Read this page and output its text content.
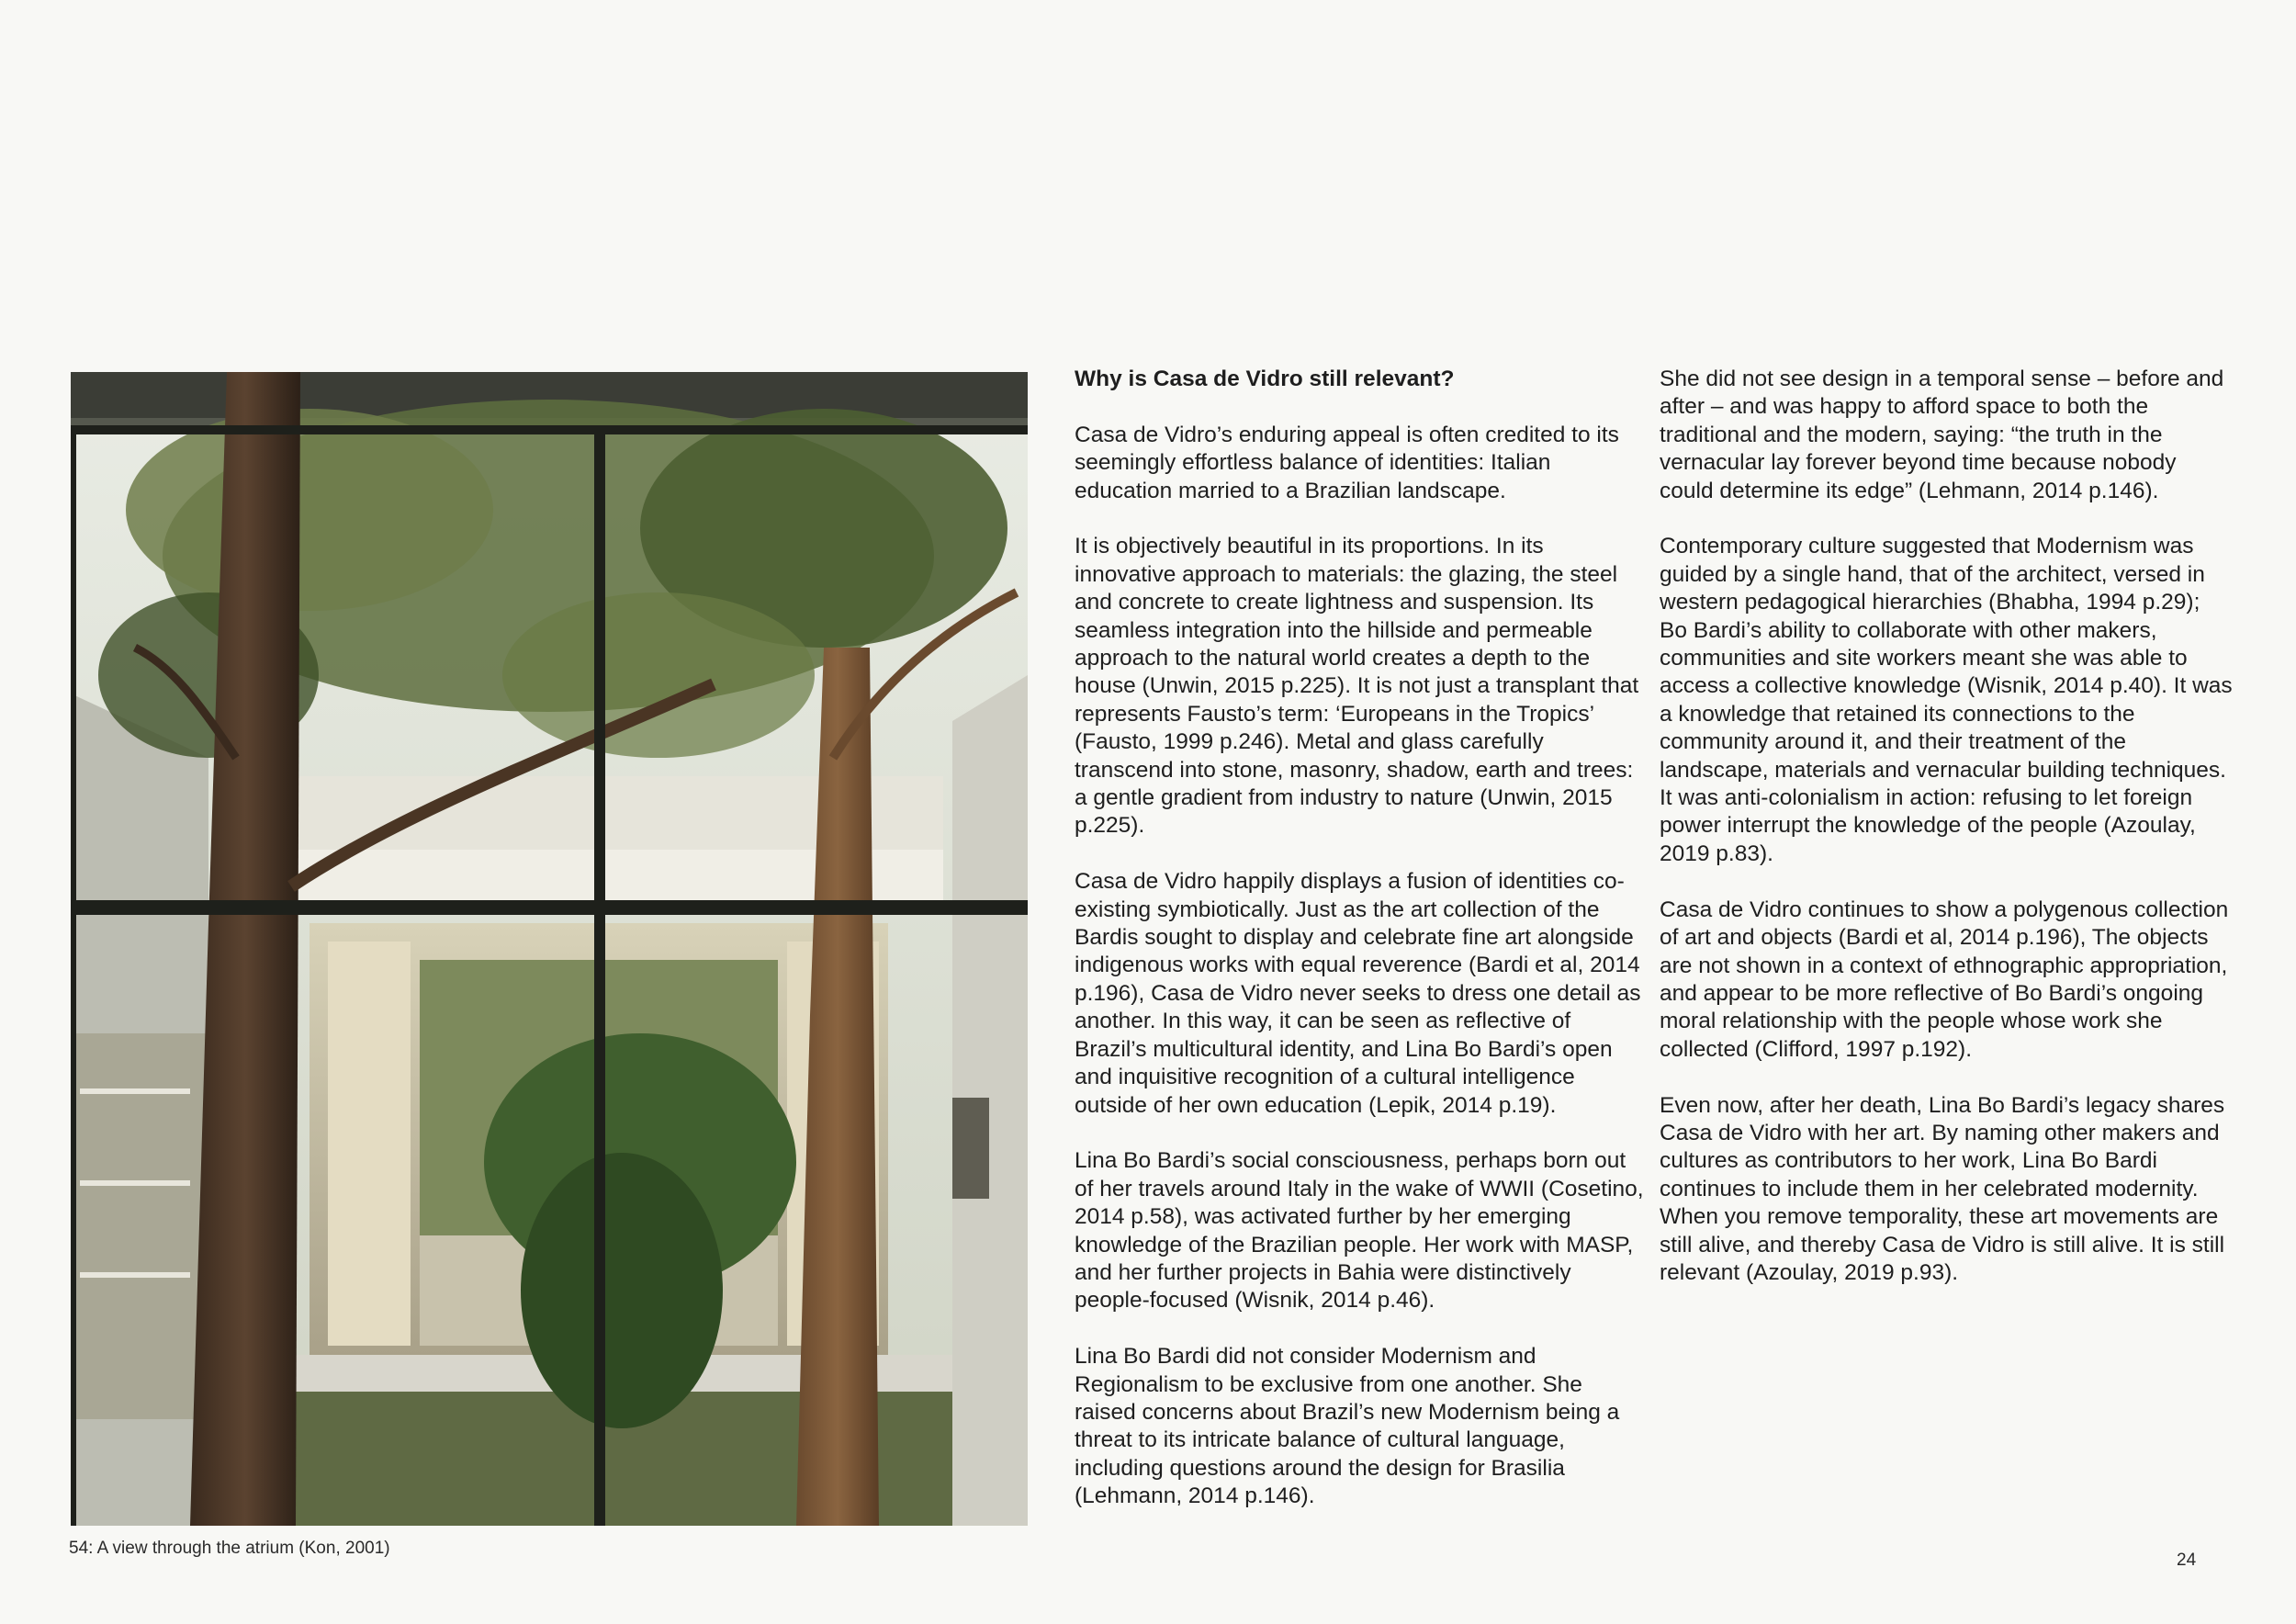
54: A view through the atrium (Kon, 2001)

Why is Casa de Vidro still relevant?

Casa de Vidro’s enduring appeal is often credited to its seemingly effortless balance of identities: Italian education married to a Brazilian landscape.

It is objectively beautiful in its proportions. In its innovative approach to materials: the glazing, the steel and concrete to create lightness and suspension. Its seamless integration into the hillside and permeable approach to the natural world creates a depth to the house (Unwin, 2015 p.225). It is not just a transplant that represents Fausto’s term: ‘Europeans in the Tropics’ (Fausto, 1999 p.246). Metal and glass carefully transcend into stone, masonry, shadow, earth and trees: a gentle gradient from industry to nature (Unwin, 2015 p.225).

Casa de Vidro happily displays a fusion of identities co-existing symbiotically. Just as the art collection of the Bardis sought to display and celebrate fine art alongside indigenous works with equal reverence (Bardi et al, 2014 p.196), Casa de Vidro never seeks to dress one detail as another. In this way, it can be seen as reflective of Brazil’s multicultural identity, and Lina Bo Bardi’s open and inquisitive recognition of a cultural intelligence outside of her own education (Lepik, 2014 p.19).

Lina Bo Bardi’s social consciousness, perhaps born out of her travels around Italy in the wake of WWII (Cosetino, 2014 p.58), was activated further by her emerging knowledge of the Brazilian people. Her work with MASP, and her further projects in Bahia were distinctively people-focused (Wisnik, 2014 p.46).

Lina Bo Bardi did not consider Modernism and Regionalism to be exclusive from one another. She raised concerns about Brazil’s new Modernism being a threat to its intricate balance of cultural language, including questions around the design for Brasilia (Lehmann, 2014 p.146).

She did not see design in a temporal sense – before and after – and was happy to afford space to both the traditional and the modern, saying: “the truth in the vernacular lay forever beyond time because nobody could determine its edge” (Lehmann, 2014 p.146).

Contemporary culture suggested that Modernism was guided by a single hand, that of the architect, versed in western pedagogical hierarchies (Bhabha, 1994 p.29); Bo Bardi’s ability to collaborate with other makers, communities and site workers meant she was able to access a collective knowledge (Wisnik, 2014 p.40). It was a knowledge that retained its connections to the community around it, and their treatment of the landscape, materials and vernacular building techniques. It was anti-colonialism in action: refusing to let foreign power interrupt the knowledge of the people (Azoulay, 2019 p.83).

Casa de Vidro continues to show a polygenous collection of art and objects (Bardi et al, 2014 p.196), The objects are not shown in a context of ethnographic appropriation, and appear to be more reflective of Bo Bardi’s ongoing moral relationship with the people whose work she collected (Clifford, 1997 p.192).

Even now, after her death, Lina Bo Bardi’s legacy shares Casa de Vidro with her art. By naming other makers and cultures as contributors to her work, Lina Bo Bardi continues to include them in her celebrated modernity. When you remove temporality, these art movements are still alive, and thereby Casa de Vidro is still alive. It is still relevant (Azoulay, 2019 p.93).

24
